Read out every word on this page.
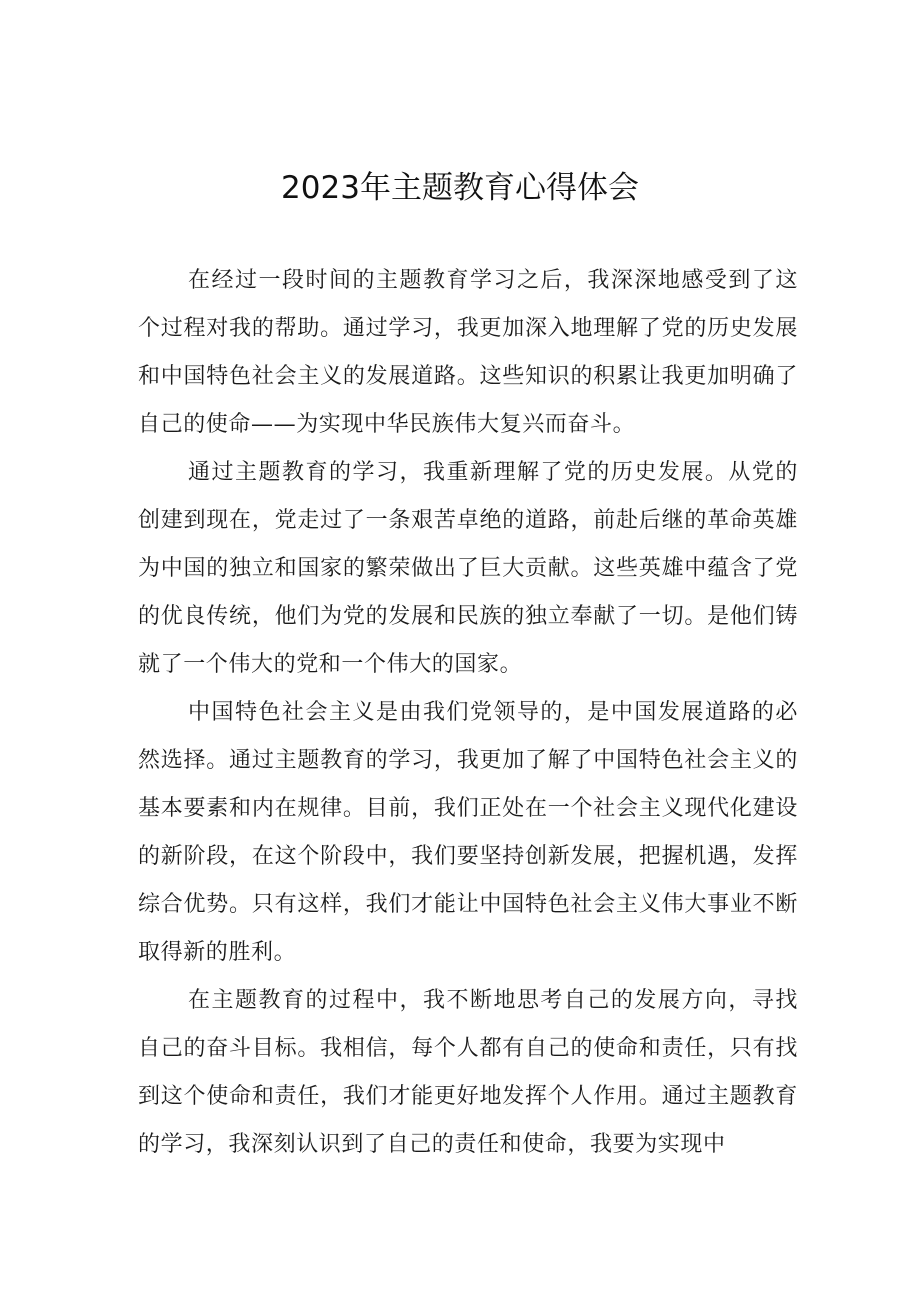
2023年主题教育心得体会

在经过一段时间的主题教育学习之后，我深深地感受到了这个过程对我的帮助。通过学习，我更加深入地理解了党的历史发展和中国特色社会主义的发展道路。这些知识的积累让我更加明确了自己的使命——为实现中华民族伟大复兴而奋斗。

通过主题教育的学习，我重新理解了党的历史发展。从党的创建到现在，党走过了一条艰苦卓绝的道路，前赴后继的革命英雄为中国的独立和国家的繁荣做出了巨大贡献。这些英雄中蕴含了党的优良传统，他们为党的发展和民族的独立奉献了一切。是他们铸就了一个伟大的党和一个伟大的国家。

中国特色社会主义是由我们党领导的，是中国发展道路的必然选择。通过主题教育的学习，我更加了解了中国特色社会主义的基本要素和内在规律。目前，我们正处在一个社会主义现代化建设的新阶段，在这个阶段中，我们要坚持创新发展，把握机遇，发挥综合优势。只有这样，我们才能让中国特色社会主义伟大事业不断取得新的胜利。

在主题教育的过程中，我不断地思考自己的发展方向，寻找自己的奋斗目标。我相信，每个人都有自己的使命和责任，只有找到这个使命和责任，我们才能更好地发挥个人作用。通过主题教育的学习，我深刻认识到了自己的责任和使命，我要为实现中
